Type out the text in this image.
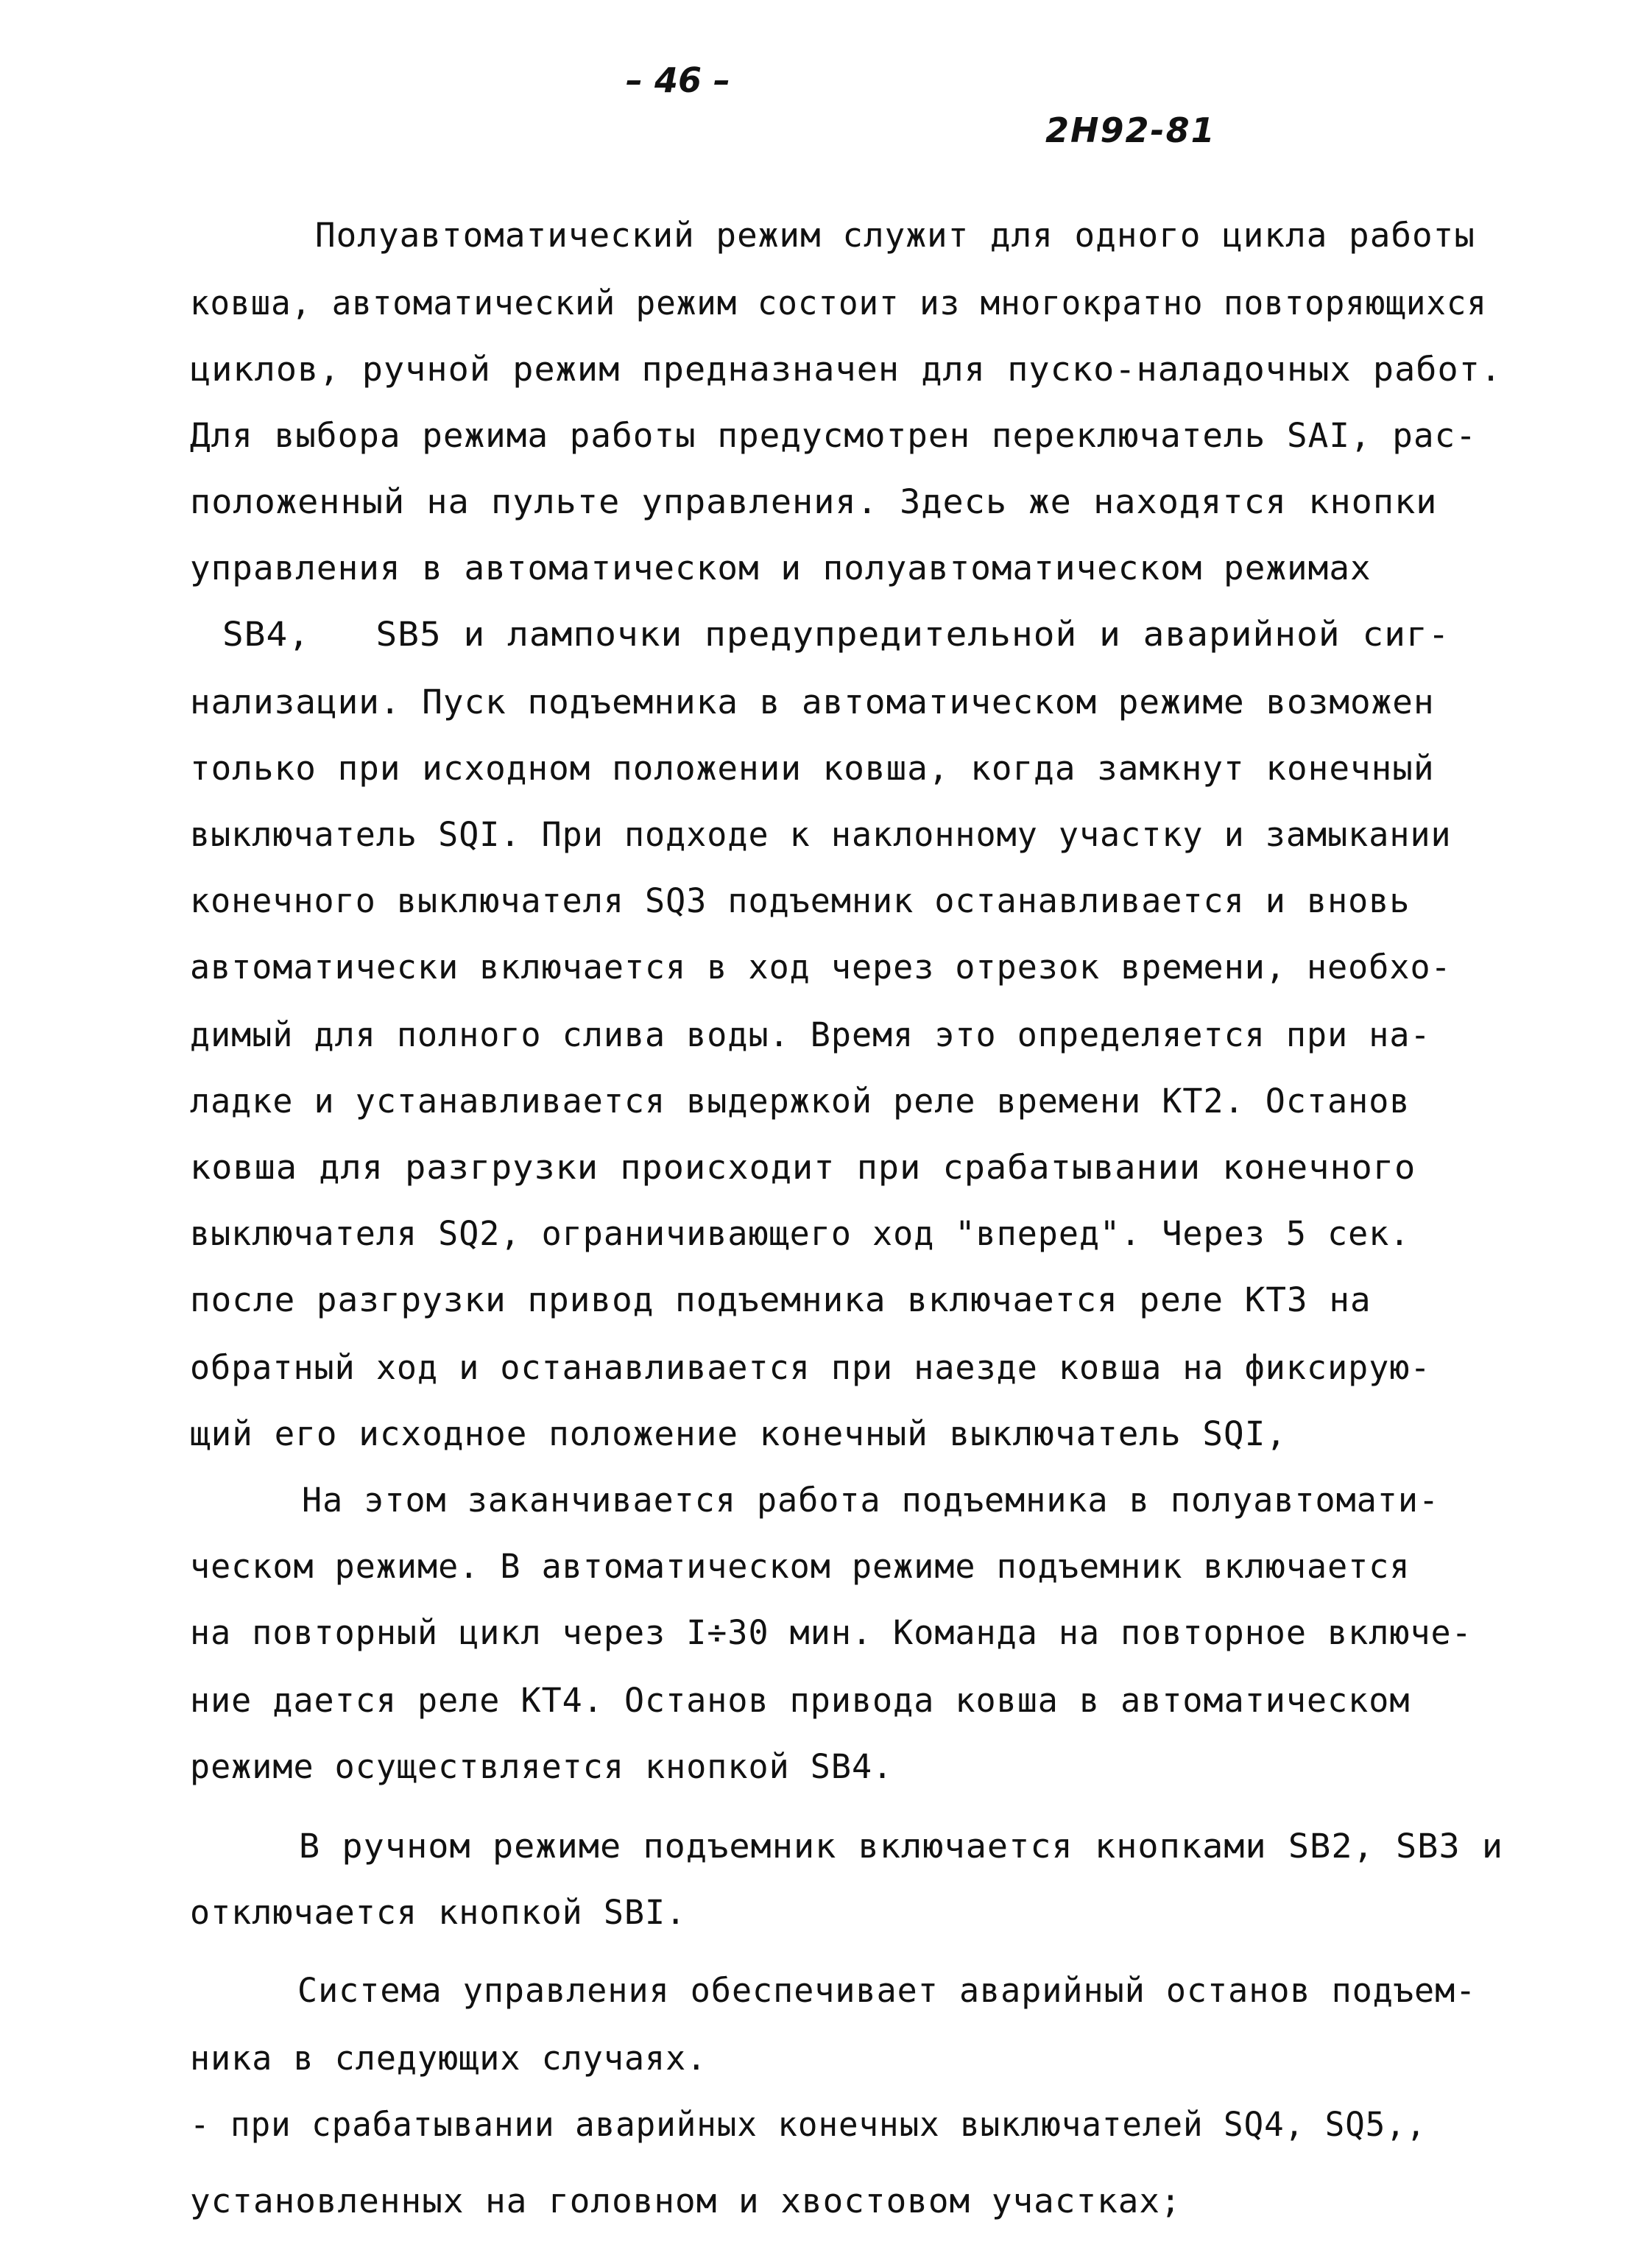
– 46 –
2Н92-81
Полуавтоматический режим служит для одного цикла работы
ковша, автоматический режим состоит из многократно повторяющихся
циклов, ручной режим предназначен для пуско-наладочных работ.
Для выбора режима работы предусмотрен переключатель SAI, рас-
положенный на пульте управления. Здесь же находятся кнопки
управления в автоматическом и полуавтоматическом режимах
SB4,   SB5 и лампочки предупредительной и аварийной сиг-
нализации. Пуск подъемника в автоматическом режиме возможен
только при исходном положении ковша, когда замкнут конечный
выключатель SQI. При подходе к наклонному участку и замыкании
конечного выключателя SQ3 подъемник останавливается и вновь
автоматически включается в ход через отрезок времени, необхо-
димый для полного слива воды. Время это определяется при на-
ладке и устанавливается выдержкой реле времени КТ2. Останов
ковша для разгрузки происходит при срабатывании конечного
выключателя SQ2, ограничивающего ход "вперед". Через 5 сек.
после разгрузки привод подъемника включается реле КТ3 на
обратный ход и останавливается при наезде ковша на фиксирую-
щий его исходное положение конечный выключатель SQI,
На этом заканчивается работа подъемника в полуавтомати-
ческом режиме. В автоматическом режиме подъемник включается
на повторный цикл через I÷30 мин. Команда на повторное включе-
ние дается реле КТ4. Останов привода ковша в автоматическом
режиме осуществляется кнопкой SB4.
В ручном режиме подъемник включается кнопками SB2, SB3 и
отключается кнопкой SBI.
Система управления обеспечивает аварийный останов подъем-
ника в следующих случаях.
- при срабатывании аварийных конечных выключателей SQ4, SQ5,,
установленных на головном и хвостовом участках;
